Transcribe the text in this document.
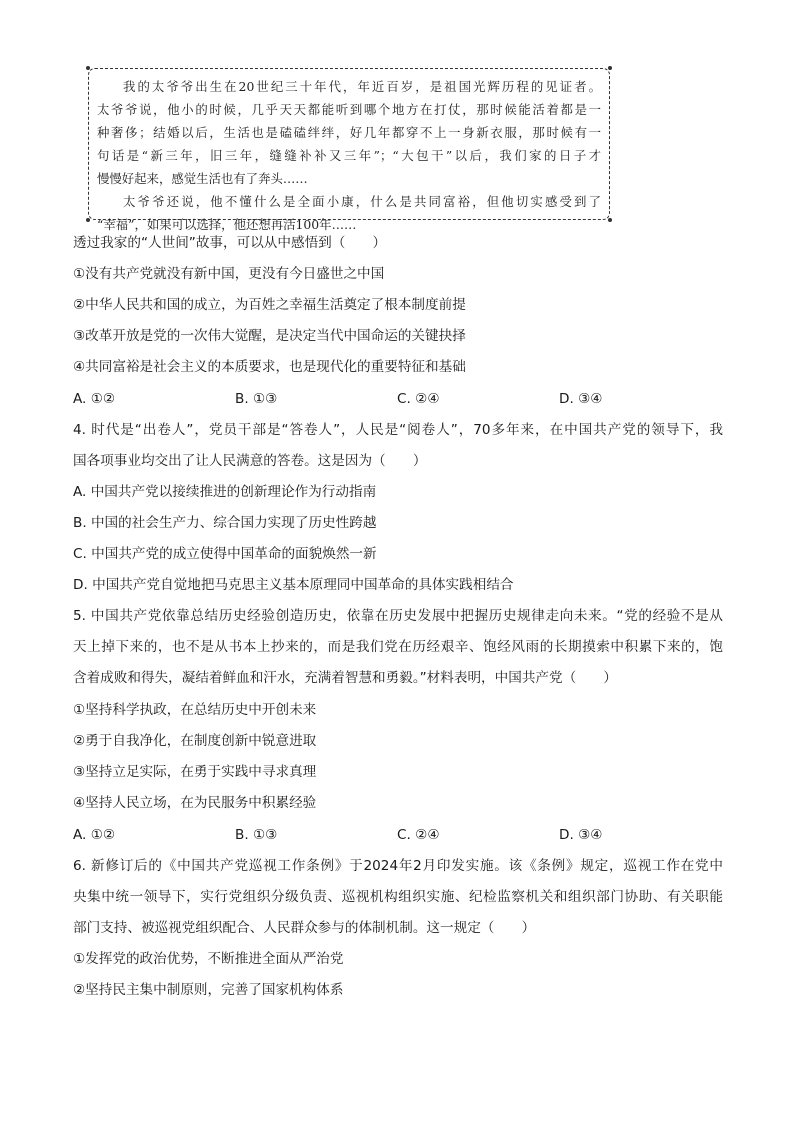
我的太爷爷出生在20世纪三十年代，年近百岁，是祖国光辉历程的见证者。

太爷爷说，他小的时候，几乎天天都能听到哪个地方在打仗，那时候能活着都是一

种奢侈；结婚以后，生活也是磕磕绊绊，好几年都穿不上一身新衣服，那时候有一

句话是“新三年，旧三年，缝缝补补又三年”；“大包干”以后，我们家的日子才

慢慢好起来，感觉生活也有了奔头……

太爷爷还说，他不懂什么是全面小康，什么是共同富裕，但他切实感受到了

“幸福”，如果可以选择，他还想再活100年……

透过我家的“人世间”故事，可以从中感悟到（　　）
①没有共产党就没有新中国，更没有今日盛世之中国
②中华人民共和国的成立，为百姓之幸福生活奠定了根本制度前提
③改革开放是党的一次伟大觉醒，是决定当代中国命运的关键抉择
④共同富裕是社会主义的本质要求，也是现代化的重要特征和基础
A. ①②	B. ①③	C. ②④	D. ③④
4. 时代是“出卷人”，党员干部是“答卷人”，人民是“阅卷人”，70多年来，在中国共产党的领导下，我
国各项事业均交出了让人民满意的答卷。这是因为（　　）
A. 中国共产党以接续推进的创新理论作为行动指南
B. 中国的社会生产力、综合国力实现了历史性跨越
C. 中国共产党的成立使得中国革命的面貌焕然一新
D. 中国共产党自觉地把马克思主义基本原理同中国革命的具体实践相结合
5. 中国共产党依靠总结历史经验创造历史，依靠在历史发展中把握历史规律走向未来。“党的经验不是从
天上掉下来的，也不是从书本上抄来的，而是我们党在历经艰辛、饱经风雨的长期摸索中积累下来的，饱
含着成败和得失，凝结着鲜血和汗水，充满着智慧和勇毅。”材料表明，中国共产党（　　）
①坚持科学执政，在总结历史中开创未来
②勇于自我净化，在制度创新中锐意进取
③坚持立足实际，在勇于实践中寻求真理
④坚持人民立场，在为民服务中积累经验
A. ①②	B. ①③	C. ②④	D. ③④
6. 新修订后的《中国共产党巡视工作条例》于2024年2月印发实施。该《条例》规定，巡视工作在党中
央集中统一领导下，实行党组织分级负责、巡视机构组织实施、纪检监察机关和组织部门协助、有关职能
部门支持、被巡视党组织配合、人民群众参与的体制机制。这一规定（　　）
①发挥党的政治优势，不断推进全面从严治党
②坚持民主集中制原则，完善了国家机构体系
